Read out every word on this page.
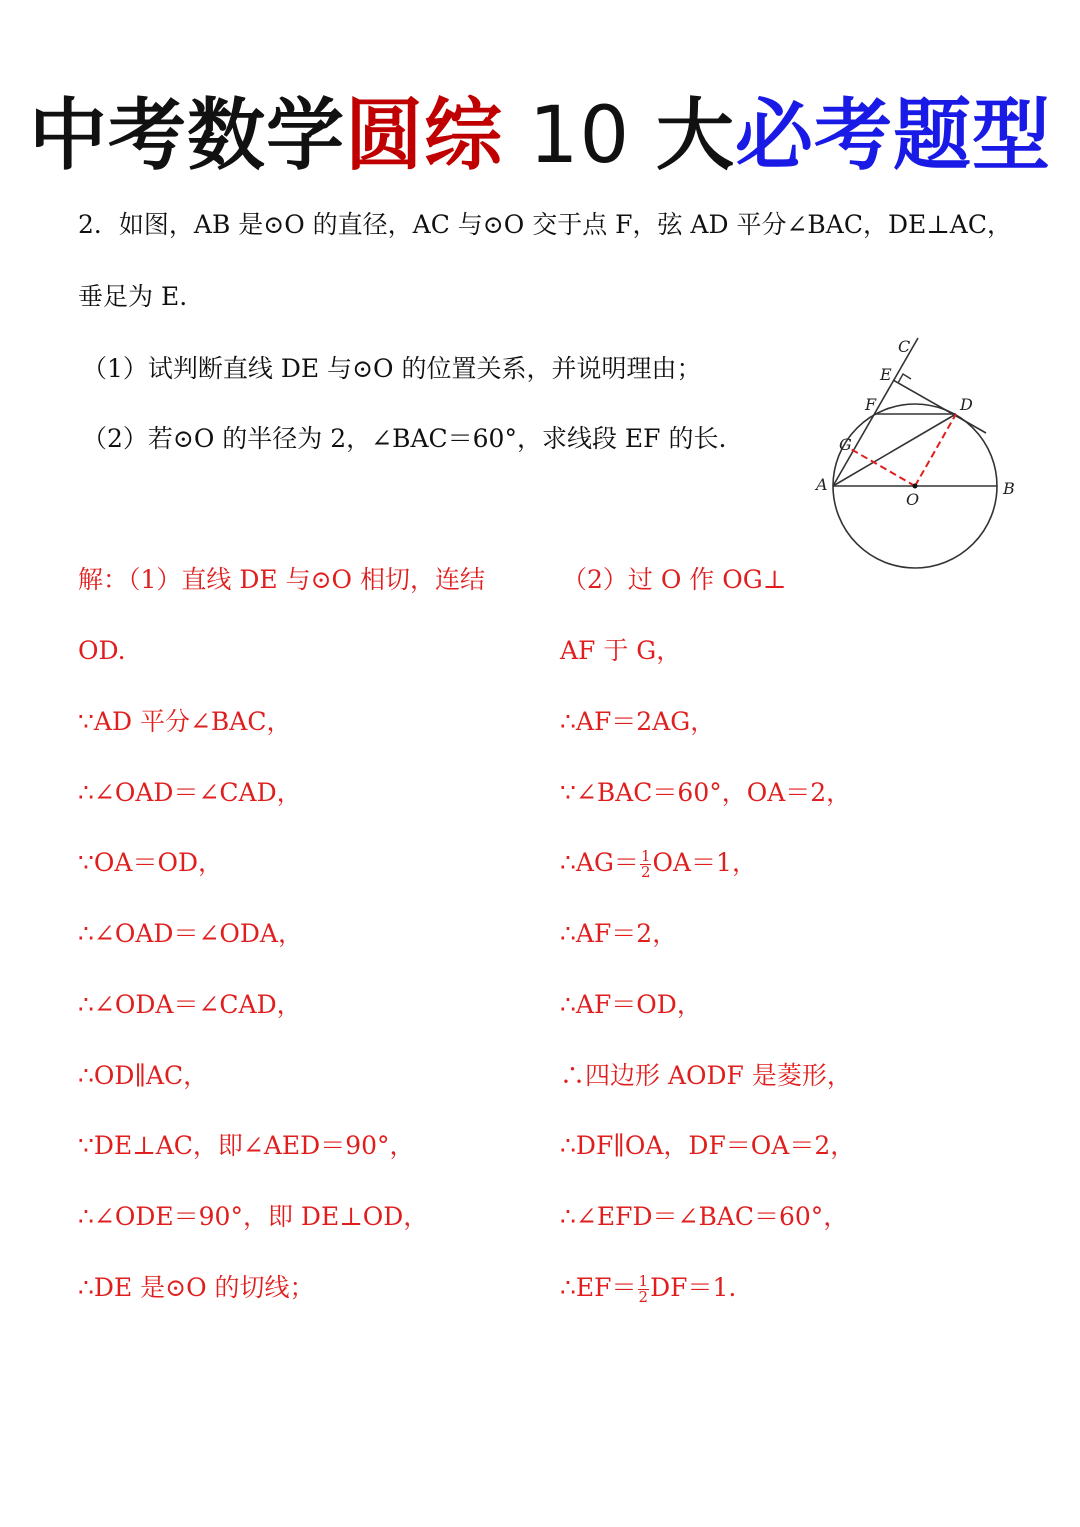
中考数学圆综 10 大必考题型
2．如图，AB 是⊙O 的直径，AC 与⊙O 交于点 F，弦 AD 平分∠BAC，DE⊥AC，
垂足为 E.
（1）试判断直线 DE 与⊙O 的位置关系，并说明理由；
（2）若⊙O 的半径为 2，∠BAC＝60°，求线段 EF 的长.
C
E
F	D
G
A
O
B
解：（1）直线 DE 与⊙O 相切，连结
OD.
∵AD 平分∠BAC，
∴∠OAD＝∠CAD，
∵OA＝OD，
∴∠OAD＝∠ODA，
∴∠ODA＝∠CAD，
∴OD∥AC，
∵DE⊥AC，即∠AED＝90°，
∴∠ODE＝90°，即 DE⊥OD，
∴DE 是⊙O 的切线；
（2）过 O 作 OG⊥
AF 于 G，
∴AF＝2AG，
∵∠BAC＝60°，OA＝2，
∴AG＝ $\frac{1}{2} OA=1$，
∴AF＝2，
∴AF＝OD，
∴四边形 AODF 是菱形，
∴DF∥OA，DF＝OA＝2，
∴∠EFD＝∠BAC＝60°，
∴EF＝ $\frac{1}{2} DF=1$.
